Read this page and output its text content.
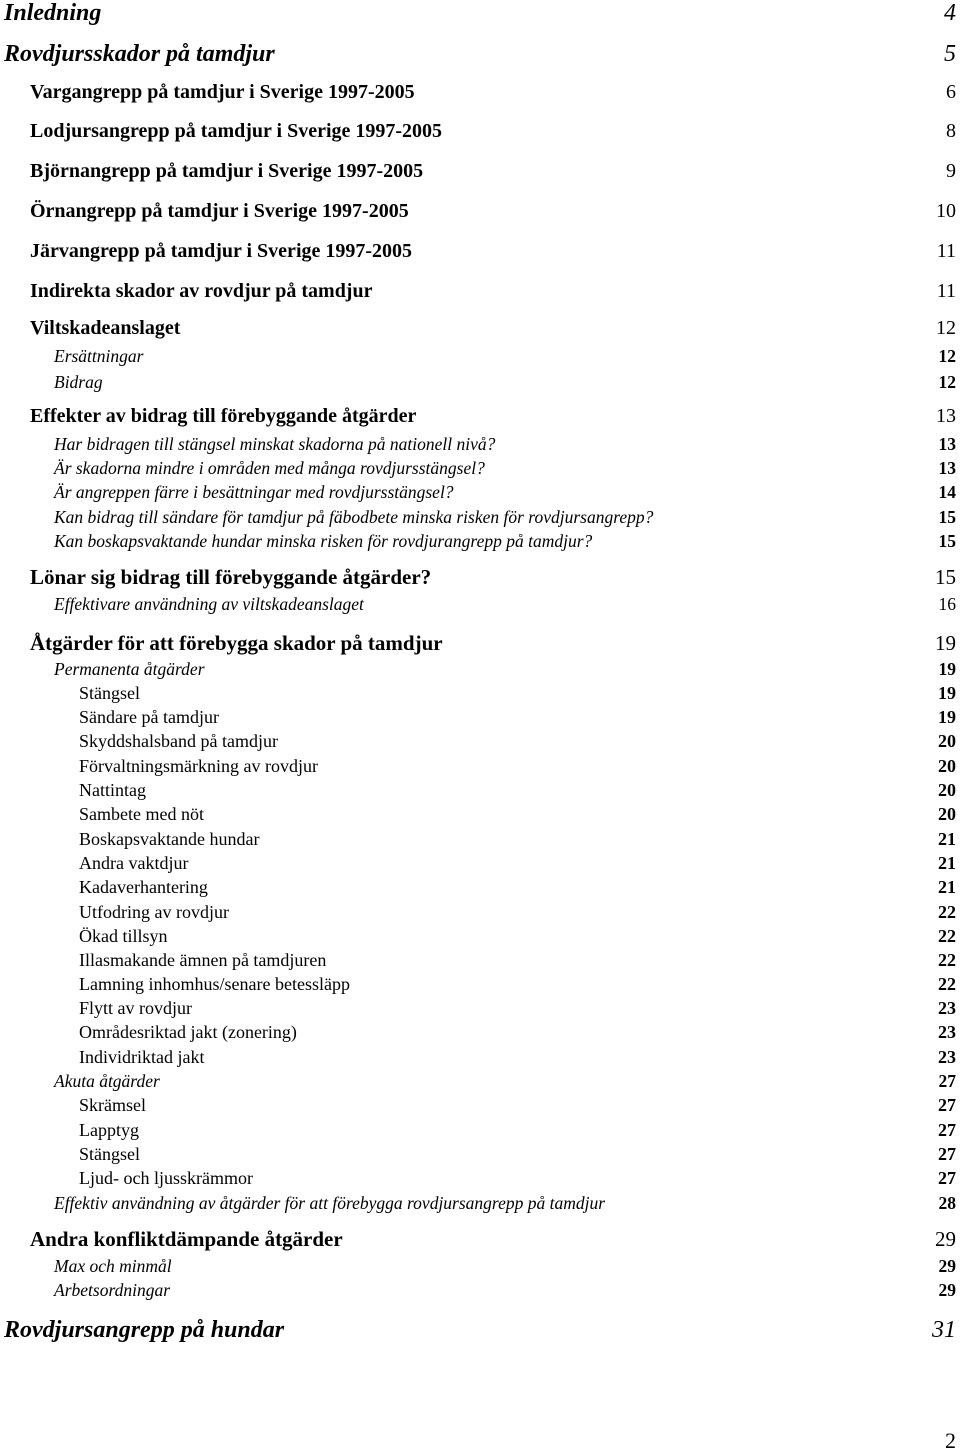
Inledning	4
Rovdjursskador på tamdjur	5
Vargangrepp på tamdjur i Sverige 1997-2005	6
Lodjursangrepp på tamdjur i Sverige 1997-2005	8
Björnangrepp på tamdjur i Sverige 1997-2005	9
Örnangrepp på tamdjur i Sverige 1997-2005	10
Järvangrepp på tamdjur i Sverige 1997-2005	11
Indirekta skador av rovdjur på tamdjur	11
Viltskadeanslaget	12
Ersättningar	12
Bidrag	12
Effekter av bidrag till förebyggande åtgärder	13
Har bidragen till stängsel minskat skadorna på nationell nivå?	13
Är skadorna mindre i områden med många rovdjursstängsel?	13
Är angreppen färre i besättningar med rovdjursstängsel?	14
Kan bidrag till sändare för tamdjur på fäbodbete minska risken för rovdjursangrepp?	15
Kan boskapsvaktande hundar minska risken för rovdjurangrepp på tamdjur?	15
Lönar sig bidrag till förebyggande åtgärder?	15
Effektivare användning av viltskadeanslaget	16
Åtgärder för att förebygga skador på tamdjur	19
Permanenta åtgärder	19
Stängsel	19
Sändare på tamdjur	19
Skyddshalsband på tamdjur	20
Förvaltningsmärkning av rovdjur	20
Nattintag	20
Sambete med nöt	20
Boskapsvaktande hundar	21
Andra vaktdjur	21
Kadaverhantering	21
Utfodring av rovdjur	22
Ökad tillsyn	22
Illasmakande ämnen på tamdjuren	22
Lamning inhomhus/senare betessläpp	22
Flytt av rovdjur	23
Områdesriktad jakt (zonering)	23
Individriktad jakt	23
Akuta åtgärder	27
Skrämsel	27
Lapptyg	27
Stängsel	27
Ljud- och ljusskrämmor	27
Effektiv användning av åtgärder för att förebygga rovdjursangrepp på tamdjur	28
Andra konfliktdämpande åtgärder	29
Max och minmål	29
Arbetsordningar	29
Rovdjursangrepp på hundar	31
2
